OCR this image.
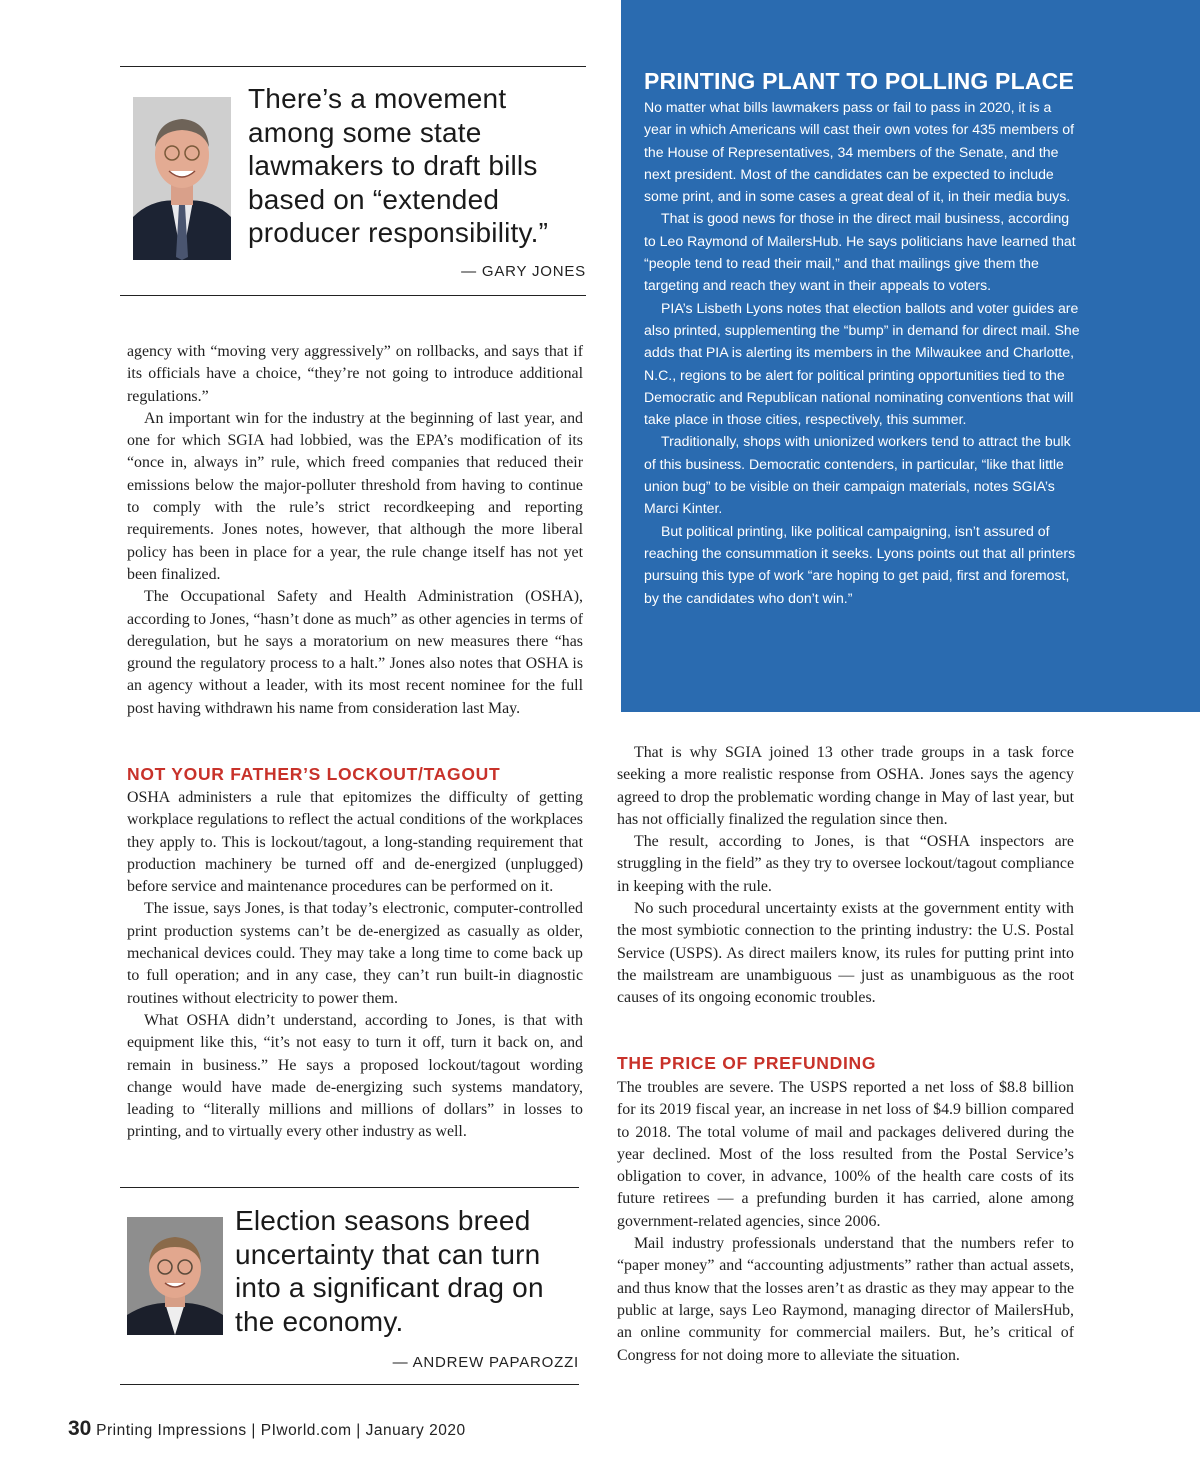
There’s a movement among some state lawmakers to draft bills based on “extended producer responsibility.”
— GARY JONES

agency with “moving very aggressively” on rollbacks, and says that if its officials have a choice, “they’re not going to introduce additional regulations.”

An important win for the industry at the beginning of last year, and one for which SGIA had lobbied, was the EPA’s modification of its “once in, always in” rule, which freed companies that reduced their emissions below the major-polluter threshold from having to continue to comply with the rule’s strict recordkeeping and reporting requirements. Jones notes, however, that although the more liberal policy has been in place for a year, the rule change itself has not yet been finalized.

The Occupational Safety and Health Administration (OSHA), according to Jones, “hasn’t done as much” as other agencies in terms of deregulation, but he says a moratorium on new measures there “has ground the regulatory process to a halt.” Jones also notes that OSHA is an agency without a leader, with its most recent nominee for the full post having withdrawn his name from consideration last May.

NOT YOUR FATHER’S LOCKOUT/TAGOUT

OSHA administers a rule that epitomizes the difficulty of getting workplace regulations to reflect the actual conditions of the workplaces they apply to. This is lockout/tagout, a long-standing requirement that production machinery be turned off and de-energized (unplugged) before service and maintenance procedures can be performed on it.

The issue, says Jones, is that today’s electronic, computer-controlled print production systems can’t be de-energized as casually as older, mechanical devices could. They may take a long time to come back up to full operation; and in any case, they can’t run built-in diagnostic routines without electricity to power them.

What OSHA didn’t understand, according to Jones, is that with equipment like this, “it’s not easy to turn it off, turn it back on, and remain in business.” He says a proposed lockout/tagout wording change would have made de-energizing such systems mandatory, leading to “literally millions and millions of dollars” in losses to printing, and to virtually every other industry as well.

Election seasons breed uncertainty that can turn into a significant drag on the economy.
— ANDREW PAPAROZZI
PRINTING PLANT TO POLLING PLACE

No matter what bills lawmakers pass or fail to pass in 2020, it is a year in which Americans will cast their own votes for 435 members of the House of Representatives, 34 members of the Senate, and the next president. Most of the candidates can be expected to include some print, and in some cases a great deal of it, in their media buys.

That is good news for those in the direct mail business, according to Leo Raymond of MailersHub. He says politicians have learned that “people tend to read their mail,” and that mailings give them the targeting and reach they want in their appeals to voters.

PIA’s Lisbeth Lyons notes that election ballots and voter guides are also printed, supplementing the “bump” in demand for direct mail. She adds that PIA is alerting its members in the Milwaukee and Charlotte, N.C., regions to be alert for political printing opportunities tied to the Democratic and Republican national nominating conventions that will take place in those cities, respectively, this summer.

Traditionally, shops with unionized workers tend to attract the bulk of this business. Democratic contenders, in particular, “like that little union bug” to be visible on their campaign materials, notes SGIA’s Marci Kinter.

But political printing, like political campaigning, isn’t assured of reaching the consummation it seeks. Lyons points out that all printers pursuing this type of work “are hoping to get paid, first and foremost, by the candidates who don’t win.”

That is why SGIA joined 13 other trade groups in a task force seeking a more realistic response from OSHA. Jones says the agency agreed to drop the problematic wording change in May of last year, but has not officially finalized the regulation since then.

The result, according to Jones, is that “OSHA inspectors are struggling in the field” as they try to oversee lockout/tagout compliance in keeping with the rule.

No such procedural uncertainty exists at the government entity with the most symbiotic connection to the printing industry: the U.S. Postal Service (USPS). As direct mailers know, its rules for putting print into the mailstream are unambiguous — just as unambiguous as the root causes of its ongoing economic troubles.

THE PRICE OF PREFUNDING

The troubles are severe. The USPS reported a net loss of $8.8 billion for its 2019 fiscal year, an increase in net loss of $4.9 billion compared to 2018. The total volume of mail and packages delivered during the year declined. Most of the loss resulted from the Postal Service’s obligation to cover, in advance, 100% of the health care costs of its future retirees — a prefunding burden it has carried, alone among government-related agencies, since 2006.

Mail industry professionals understand that the numbers refer to “paper money” and “accounting adjustments” rather than actual assets, and thus know that the losses aren’t as drastic as they may appear to the public at large, says Leo Raymond, managing director of MailersHub, an online community for commercial mailers. But, he’s critical of Congress for not doing more to alleviate the situation.

30 Printing Impressions | PIworld.com | January 2020
